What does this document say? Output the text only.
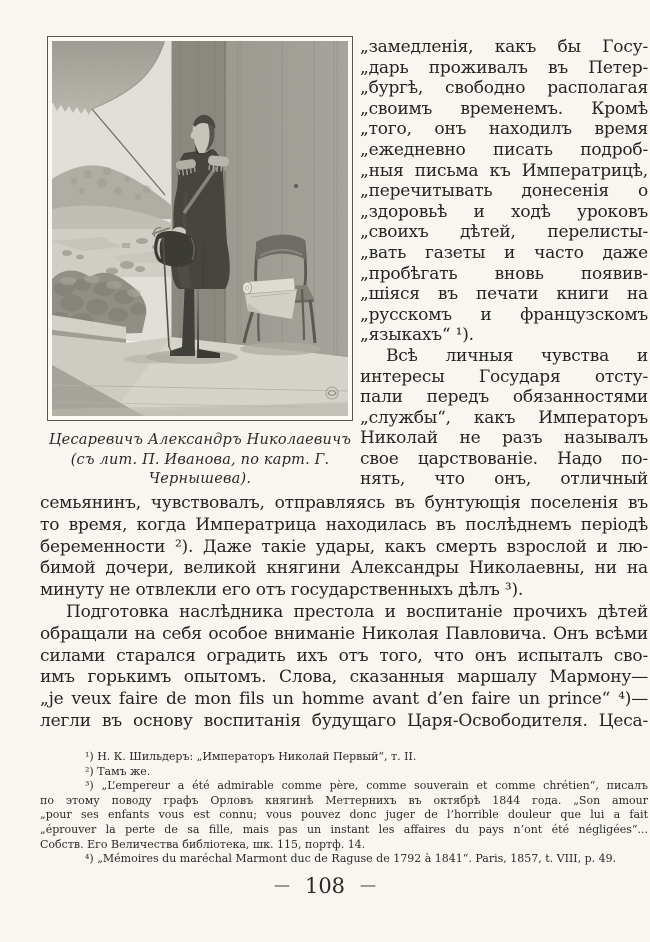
Цесаревичъ Александръ Николаевичъ
(съ лит. П. Иванова, по карт. Г. Чернышева).
„замедленія, какъ бы Госу-
„дарь проживалъ въ Петер-
„бургѣ, свободно располагая
„своимъ временемъ. Кромѣ
„того, онъ находилъ время
„ежедневно писать подроб-
„ныя письма къ Императрицѣ,
„перечитывать донесенія о
„здоровьѣ и ходѣ уроковъ
„своихъ дѣтей, перелисты-
„вать газеты и часто даже
„пробѣгать вновь появив-
„шіяся въ печати книги на
„русскомъ и французскомъ
„языкахъ“ ¹).
Всѣ личныя чувства и
интересы Государя отсту-
пали передъ обязанностями
„службы“, какъ Императоръ
Николай не разъ называлъ
свое царствованіе. Надо по-
нять, что онъ, отличный
семьянинъ, чувствовалъ, отправляясь въ бунтующія поселенія въ
то время, когда Императрица находилась въ послѣднемъ періодѣ
беременности ²). Даже такіе удары, какъ смерть взрослой и лю-
бимой дочери, великой княгини Александры Николаевны, ни на
минуту не отвлекли его отъ государственныхъ дѣлъ ³).
Подготовка наслѣдника престола и воспитаніе прочихъ дѣтей
обращали на себя особое вниманіе Николая Павловича. Онъ всѣми
силами старался оградить ихъ отъ того, что онъ испыталъ сво-
имъ горькимъ опытомъ. Слова, сказанныя маршалу Мармону—
„je veux faire de mon fils un homme avant d’en faire un prince“ ⁴)—
легли въ основу воспитанія будущаго Царя-Освободителя. Цеса-
¹) Н. К. Шильдеръ: „Императоръ Николай Первый“, т. II.
²) Тамъ же.
³) „L’empereur a été admirable comme père, comme souverain et comme chrétien“, писалъ
по этому поводу графъ Орловъ княгинѣ Меттернихъ въ октябрѣ 1844 года. „Son amour
„pour ses enfants vous est connu; vous pouvez donc juger de l’horrible douleur que lui a fait
„éprouver la perte de sa fille, mais pas un instant les affaires du pays n’ont été négligées“...
Собств. Его Величества библіотека, шк. 115, портф. 14.
⁴) „Mémoires du maréchal Marmont duc de Raguse de 1792 à 1841“. Paris, 1857, t. VIII, p. 49.
— 108 —
